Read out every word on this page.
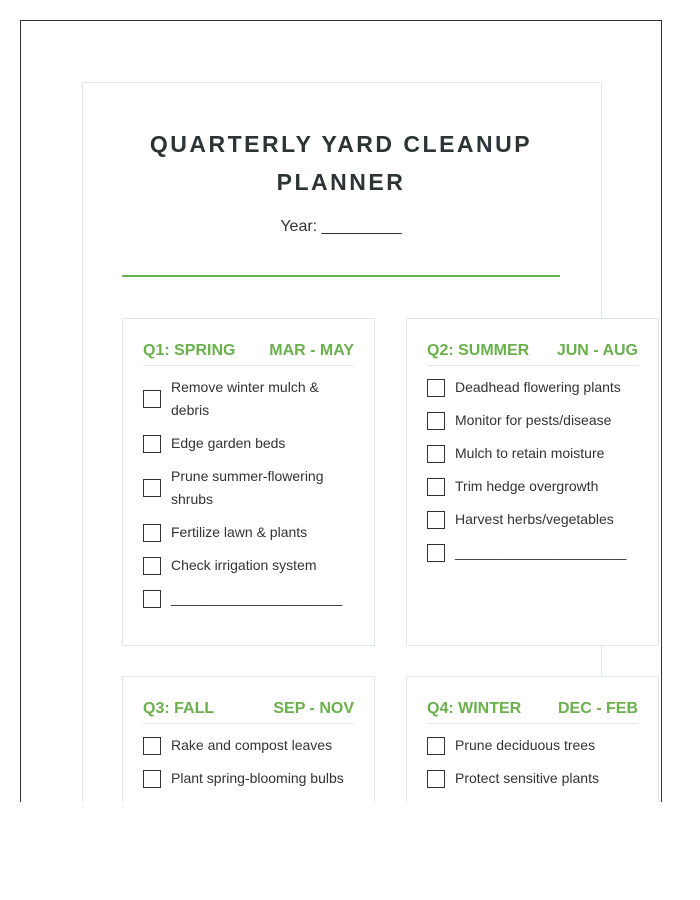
QUARTERLY YARD CLEANUP PLANNER
Year: _________
Q1: SPRING MAR - MAY
Remove winter mulch & debris
Edge garden beds
Prune summer-flowering shrubs
Fertilize lawn & plants
Check irrigation system
______________________
Q2: SUMMER JUN - AUG
Deadhead flowering plants
Monitor for pests/disease
Mulch to retain moisture
Trim hedge overgrowth
Harvest herbs/vegetables
______________________
Q3: FALL	SEP - NOV
Rake and compost leaves
Plant spring-blooming bulbs
Q4: WINTER DEC - FEB
Prune deciduous trees
Protect sensitive plants
